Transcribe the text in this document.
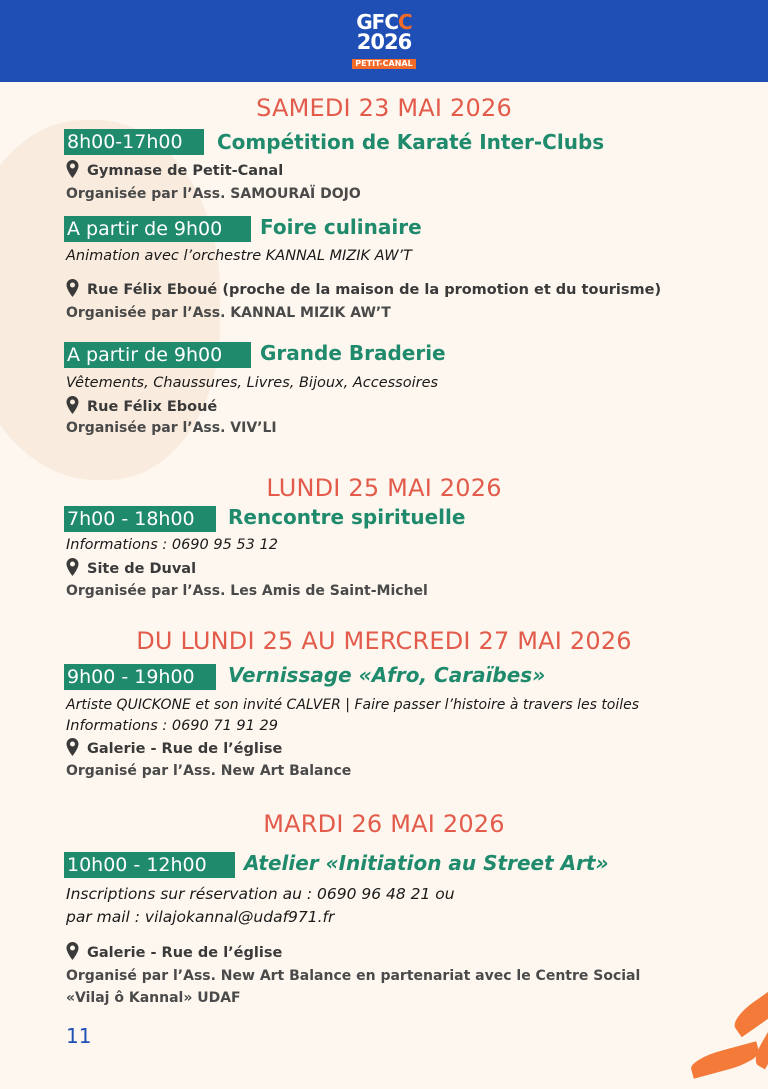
GFCC
2026
PETIT-CANAL
SAMEDI 23 MAI 2026
8h00-17h00	Compétition de Karaté Inter-Clubs
Gymnase de Petit-Canal
Organisée par l’Ass. SAMOURAÏ DOJO
A partir de 9h00	Foire culinaire
Animation avec l’orchestre KANNAL MIZIK AW’T
Rue Félix Eboué (proche de la maison de la promotion et du tourisme)
Organisée par l’Ass. KANNAL MIZIK AW’T
A partir de 9h00	Grande Braderie
Vêtements, Chaussures, Livres, Bijoux, Accessoires
Rue Félix Eboué
Organisée par l’Ass. VIV’LI
LUNDI 25 MAI 2026
7h00 - 18h00	Rencontre spirituelle
Informations : 0690 95 53 12
Site de Duval
Organisée par l’Ass. Les Amis de Saint-Michel
DU LUNDI 25 AU MERCREDI 27 MAI 2026
9h00 - 19h00	Vernissage «Afro, Caraïbes»
Artiste QUICKONE et son invité CALVER | Faire passer l’histoire à travers les toiles
Informations : 0690 71 91 29
Galerie - Rue de l’église
Organisé par l’Ass. New Art Balance
MARDI 26 MAI 2026
10h00 - 12h00	Atelier «Initiation au Street Art»
Inscriptions sur réservation au : 0690 96 48 21 ou
par mail : vilajokannal@udaf971.fr
Galerie - Rue de l’église
Organisé par l’Ass. New Art Balance en partenariat avec le Centre Social
«Vilaj ô Kannal» UDAF
11
